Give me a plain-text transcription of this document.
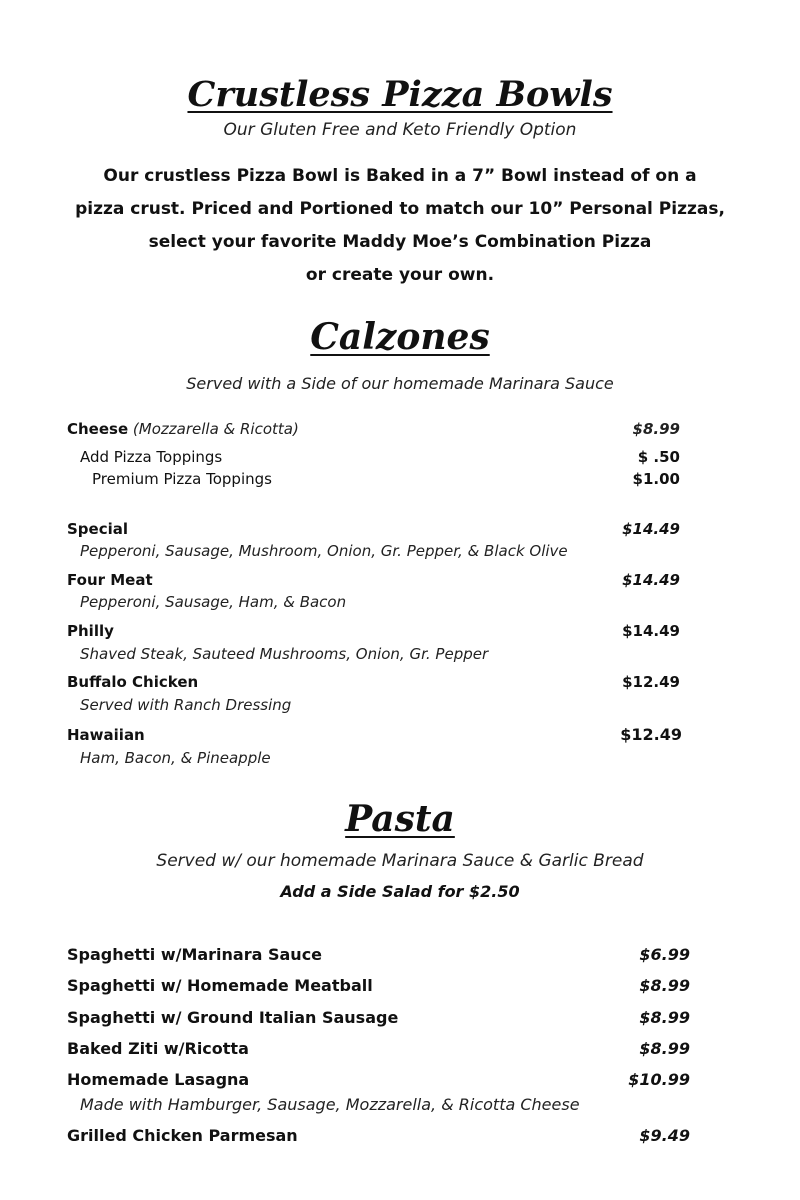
Crustless Pizza Bowls
Our Gluten Free and Keto Friendly Option
Our crustless Pizza Bowl is Baked in a 7” Bowl instead of on a
pizza crust. Priced and Portioned to match our 10” Personal Pizzas,
select your favorite Maddy Moe’s Combination Pizza
or create your own.
Calzones
Served with a Side of our homemade Marinara Sauce
Cheese (Mozzarella & Ricotta)	$8.99
Add Pizza Toppings	$ .50
Premium Pizza Toppings	$1.00
Special	$14.49
Pepperoni, Sausage, Mushroom, Onion, Gr. Pepper, & Black Olive
Four Meat	$14.49
Pepperoni, Sausage, Ham, & Bacon
Philly	$14.49
Shaved Steak, Sauteed Mushrooms, Onion, Gr. Pepper
Buffalo Chicken	$12.49
Served with Ranch Dressing
Hawaiian	$12.49
Ham, Bacon, & Pineapple
Pasta
Served w/ our homemade Marinara Sauce & Garlic Bread
Add a Side Salad for $2.50
Spaghetti w/Marinara Sauce	$6.99
Spaghetti w/ Homemade Meatball	$8.99
Spaghetti w/ Ground Italian Sausage	$8.99
Baked Ziti w/Ricotta	$8.99
Homemade Lasagna	$10.99
Made with Hamburger, Sausage, Mozzarella, & Ricotta Cheese
Grilled Chicken Parmesan	$9.49
